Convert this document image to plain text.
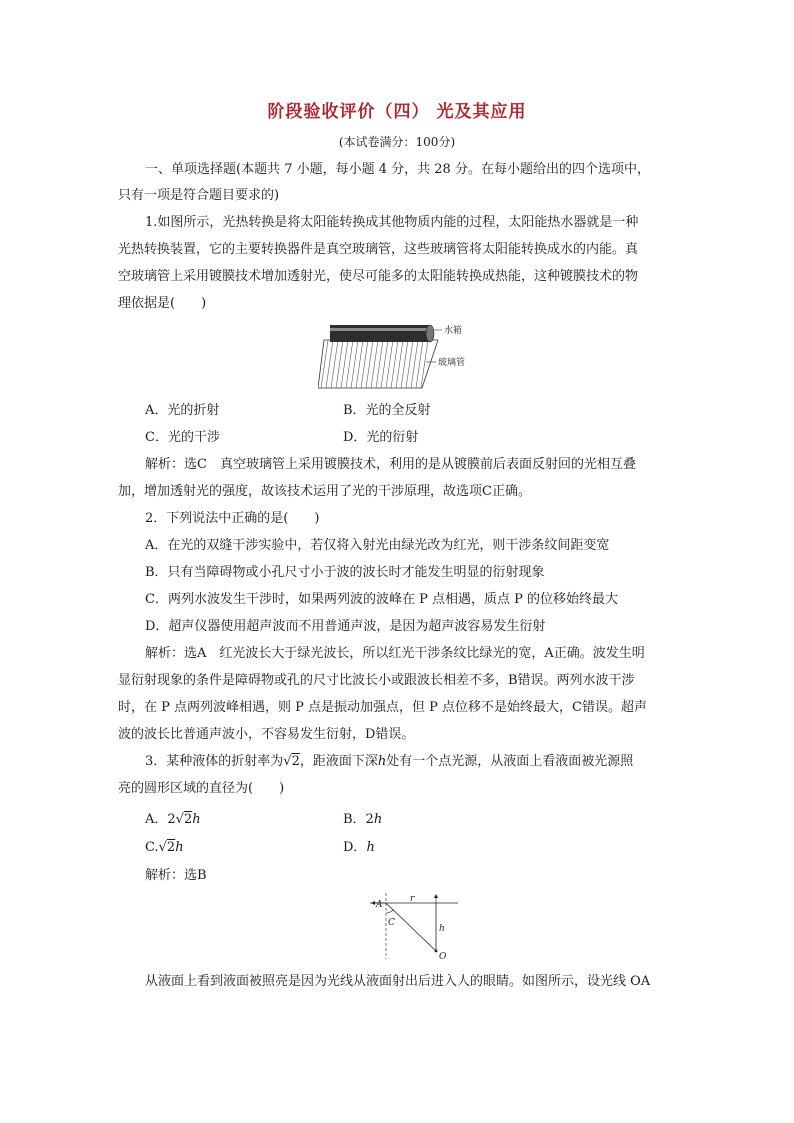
阶段验收评价（四） 光及其应用
(本试卷满分：100分)
一、单项选择题(本题共 7 小题，每小题 4 分，共 28 分。在每小题给出的四个选项中，
只有一项是符合题目要求的)
1.如图所示，光热转换是将太阳能转换成其他物质内能的过程，太阳能热水器就是一种
光热转换装置，它的主要转换器件是真空玻璃管，这些玻璃管将太阳能转换成水的内能。真
空玻璃管上采用镀膜技术增加透射光，使尽可能多的太阳能转换成热能，这种镀膜技术的物
理依据是(　　)
水箱
玻璃管
A．光的折射	B．光的全反射
C．光的干涉	D．光的衍射
解析：选C　真空玻璃管上采用镀膜技术，利用的是从镀膜前后表面反射回的光相互叠
加，增加透射光的强度，故该技术运用了光的干涉原理，故选项C正确。
2．下列说法中正确的是(　　)
A．在光的双缝干涉实验中，若仅将入射光由绿光改为红光，则干涉条纹间距变宽
B．只有当障碍物或小孔尺寸小于波的波长时才能发生明显的衍射现象
C．两列水波发生干涉时，如果两列波的波峰在 P 点相遇，质点 P 的位移始终最大
D．超声仪器使用超声波而不用普通声波，是因为超声波容易发生衍射
解析：选A　红光波长大于绿光波长，所以红光干涉条纹比绿光的宽，A正确。波发生明
显衍射现象的条件是障碍物或孔的尺寸比波长小或跟波长相差不多，B错误。两列水波干涉
时，在 P 点两列波峰相遇，则 P 点是振动加强点，但 P 点位移不是始终最大，C错误。超声
波的波长比普通声波小，不容易发生衍射，D错误。
3．某种液体的折射率为√2，距液面下深h处有一个点光源，从液面上看液面被光源照
亮的圆形区域的直径为(　　)
A．2√2h	B．2h
C.√2h	D．h
解析：选B
A
r
C
h
O
从液面上看到液面被照亮是因为光线从液面射出后进入人的眼睛。如图所示，设光线 OA
